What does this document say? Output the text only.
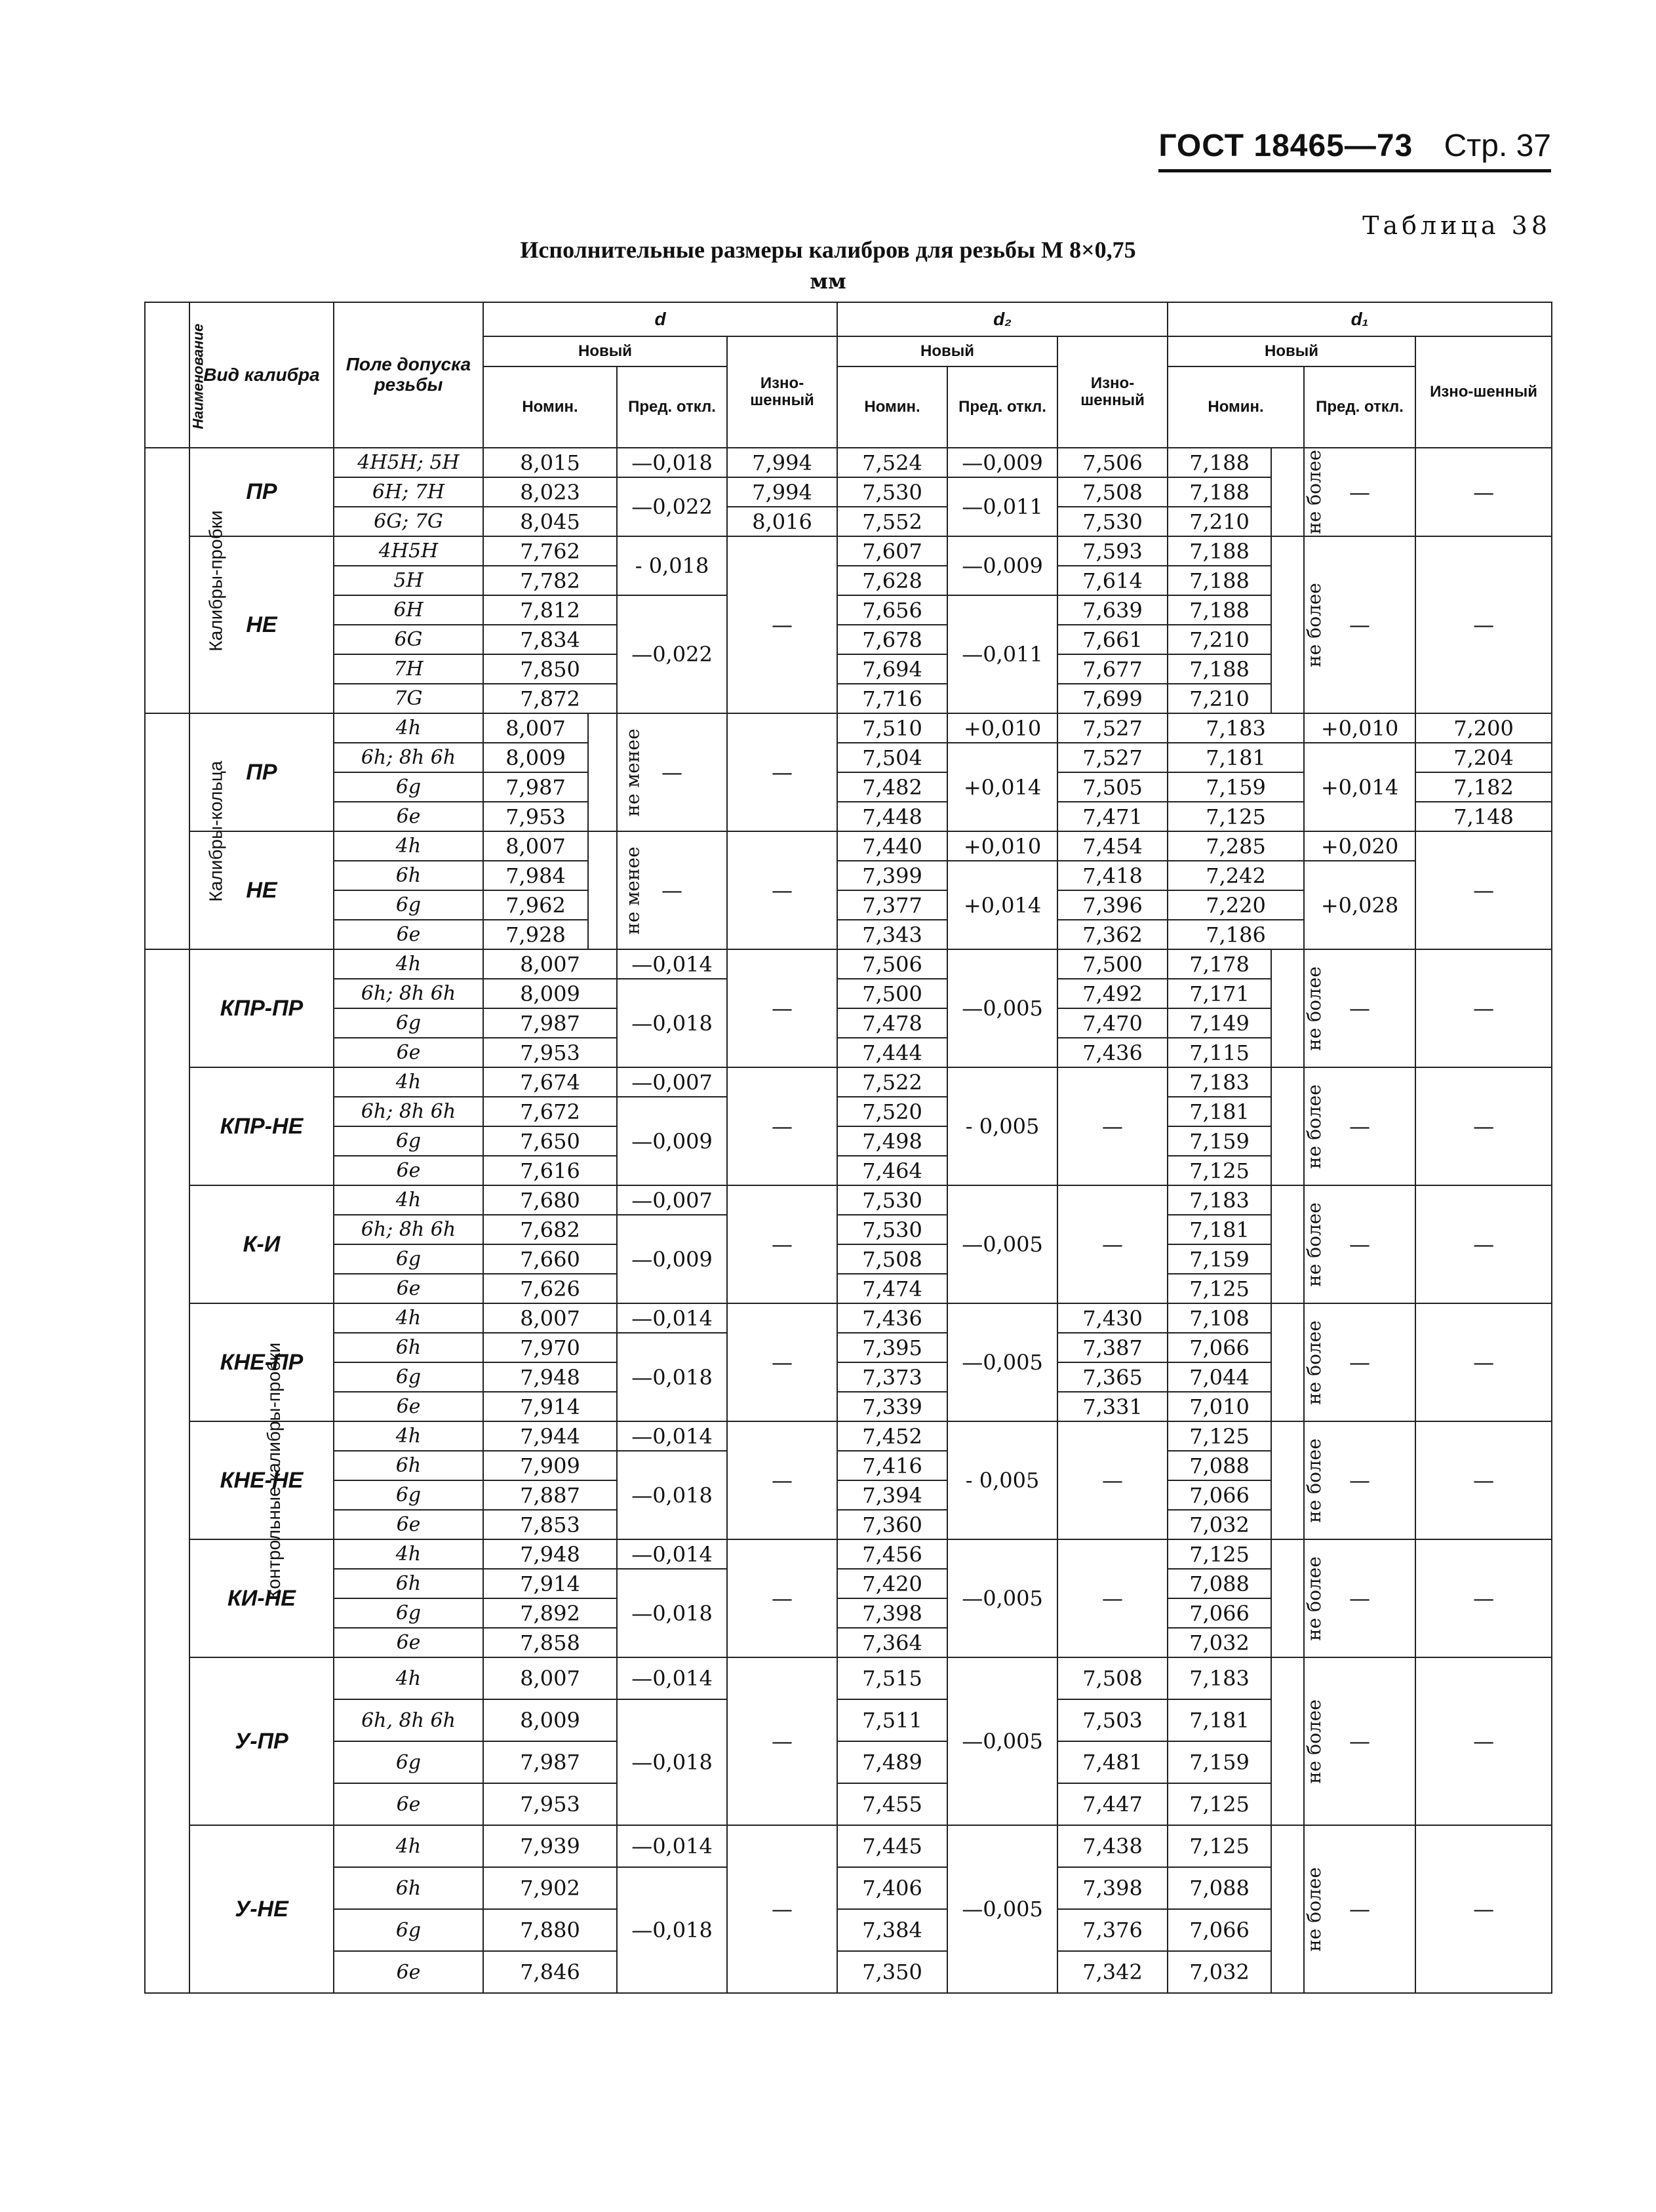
ГОСТ 18465—73 Стр. 37
Таблица 38
Исполнительные размеры калибров для резьбы М 8×0,75
мм
Наименование	Вид калибра	Поле допуска резьбы	d				d₂			d₁			
			Новый			Изно-шенный	Новый		Изно-шенный	Новый			Изно-шенный
			Номин.		Пред. откл.		Номин.	Пред. откл.		Номин.		Пред. откл.	
Калибры-пробки	ПР	4H5H; 5H	8,015		—0,018	7,994	7,524	—0,009	7,506	7,188	не более	—	—
		6H; 7H	8,023		—0,022	7,994	7,530	—0,011	7,508	7,188			
		6G; 7G	8,045			8,016	7,552		7,530	7,210			
	НЕ	4H5H	7,762		- 0,018	—	7,607	—0,009	7,593	7,188	не более	—	—
		5H	7,782				7,628		7,614	7,188			
		6H	7,812		—0,022		7,656	—0,011	7,639	7,188			
		6G	7,834				7,678		7,661	7,210			
		7H	7,850				7,694		7,677	7,188			
		7G	7,872				7,716		7,699	7,210			
Калибры-кольца	ПР	4h	8,007	не менее	—	—	7,510	+0,010	7,527	7,183		+0,010	7,200
		6h; 8h 6h	8,009				7,504	+0,014	7,527	7,181		+0,014	7,204
		6g	7,987				7,482		7,505	7,159			7,182
		6e	7,953				7,448		7,471	7,125			7,148
	НЕ	4h	8,007	не менее	—	—	7,440	+0,010	7,454	7,285		+0,020	—
		6h	7,984				7,399	+0,014	7,418	7,242		+0,028	
		6g	7,962				7,377		7,396	7,220			
		6e	7,928				7,343		7,362	7,186			
Контрольные калибры-пробки	КПР-ПР	4h	8,007		—0,014	—	7,506	—0,005	7,500	7,178	не более	—	—
		6h; 8h 6h	8,009		—0,018		7,500		7,492	7,171			
		6g	7,987				7,478		7,470	7,149			
		6e	7,953				7,444		7,436	7,115			
	КПР-НЕ	4h	7,674		—0,007	—	7,522	- 0,005	—	7,183	не более	—	—
		6h; 8h 6h	7,672		—0,009		7,520			7,181			
		6g	7,650				7,498			7,159			
		6e	7,616				7,464			7,125			
	К-И	4h	7,680		—0,007	—	7,530	—0,005	—	7,183	не более	—	—
		6h; 8h 6h	7,682		—0,009		7,530			7,181			
		6g	7,660				7,508			7,159			
		6e	7,626				7,474			7,125			
	КНЕ-ПР	4h	8,007		—0,014	—	7,436	—0,005	7,430	7,108	не более	—	—
		6h	7,970		—0,018		7,395		7,387	7,066			
		6g	7,948				7,373		7,365	7,044			
		6e	7,914				7,339		7,331	7,010			
	КНЕ-НЕ	4h	7,944		—0,014	—	7,452	- 0,005	—	7,125	не более	—	—
		6h	7,909		—0,018		7,416			7,088			
		6g	7,887				7,394			7,066			
		6e	7,853				7,360			7,032			
	КИ-НЕ	4h	7,948		—0,014	—	7,456	—0,005	—	7,125	не более	—	—
		6h	7,914		—0,018		7,420			7,088			
		6g	7,892				7,398			7,066			
		6e	7,858				7,364			7,032			
	У-ПР	4h	8,007		—0,014	—	7,515	—0,005	7,508	7,183	не более	—	—
		6h, 8h 6h	8,009		—0,018		7,511		7,503	7,181			
		6g	7,987				7,489		7,481	7,159			
		6e	7,953				7,455		7,447	7,125			
	У-НЕ	4h	7,939		—0,014	—	7,445	—0,005	7,438	7,125	не более	—	—
		6h	7,902		—0,018		7,406		7,398	7,088			
		6g	7,880				7,384		7,376	7,066			
		6e	7,846				7,350		7,342	7,032			
